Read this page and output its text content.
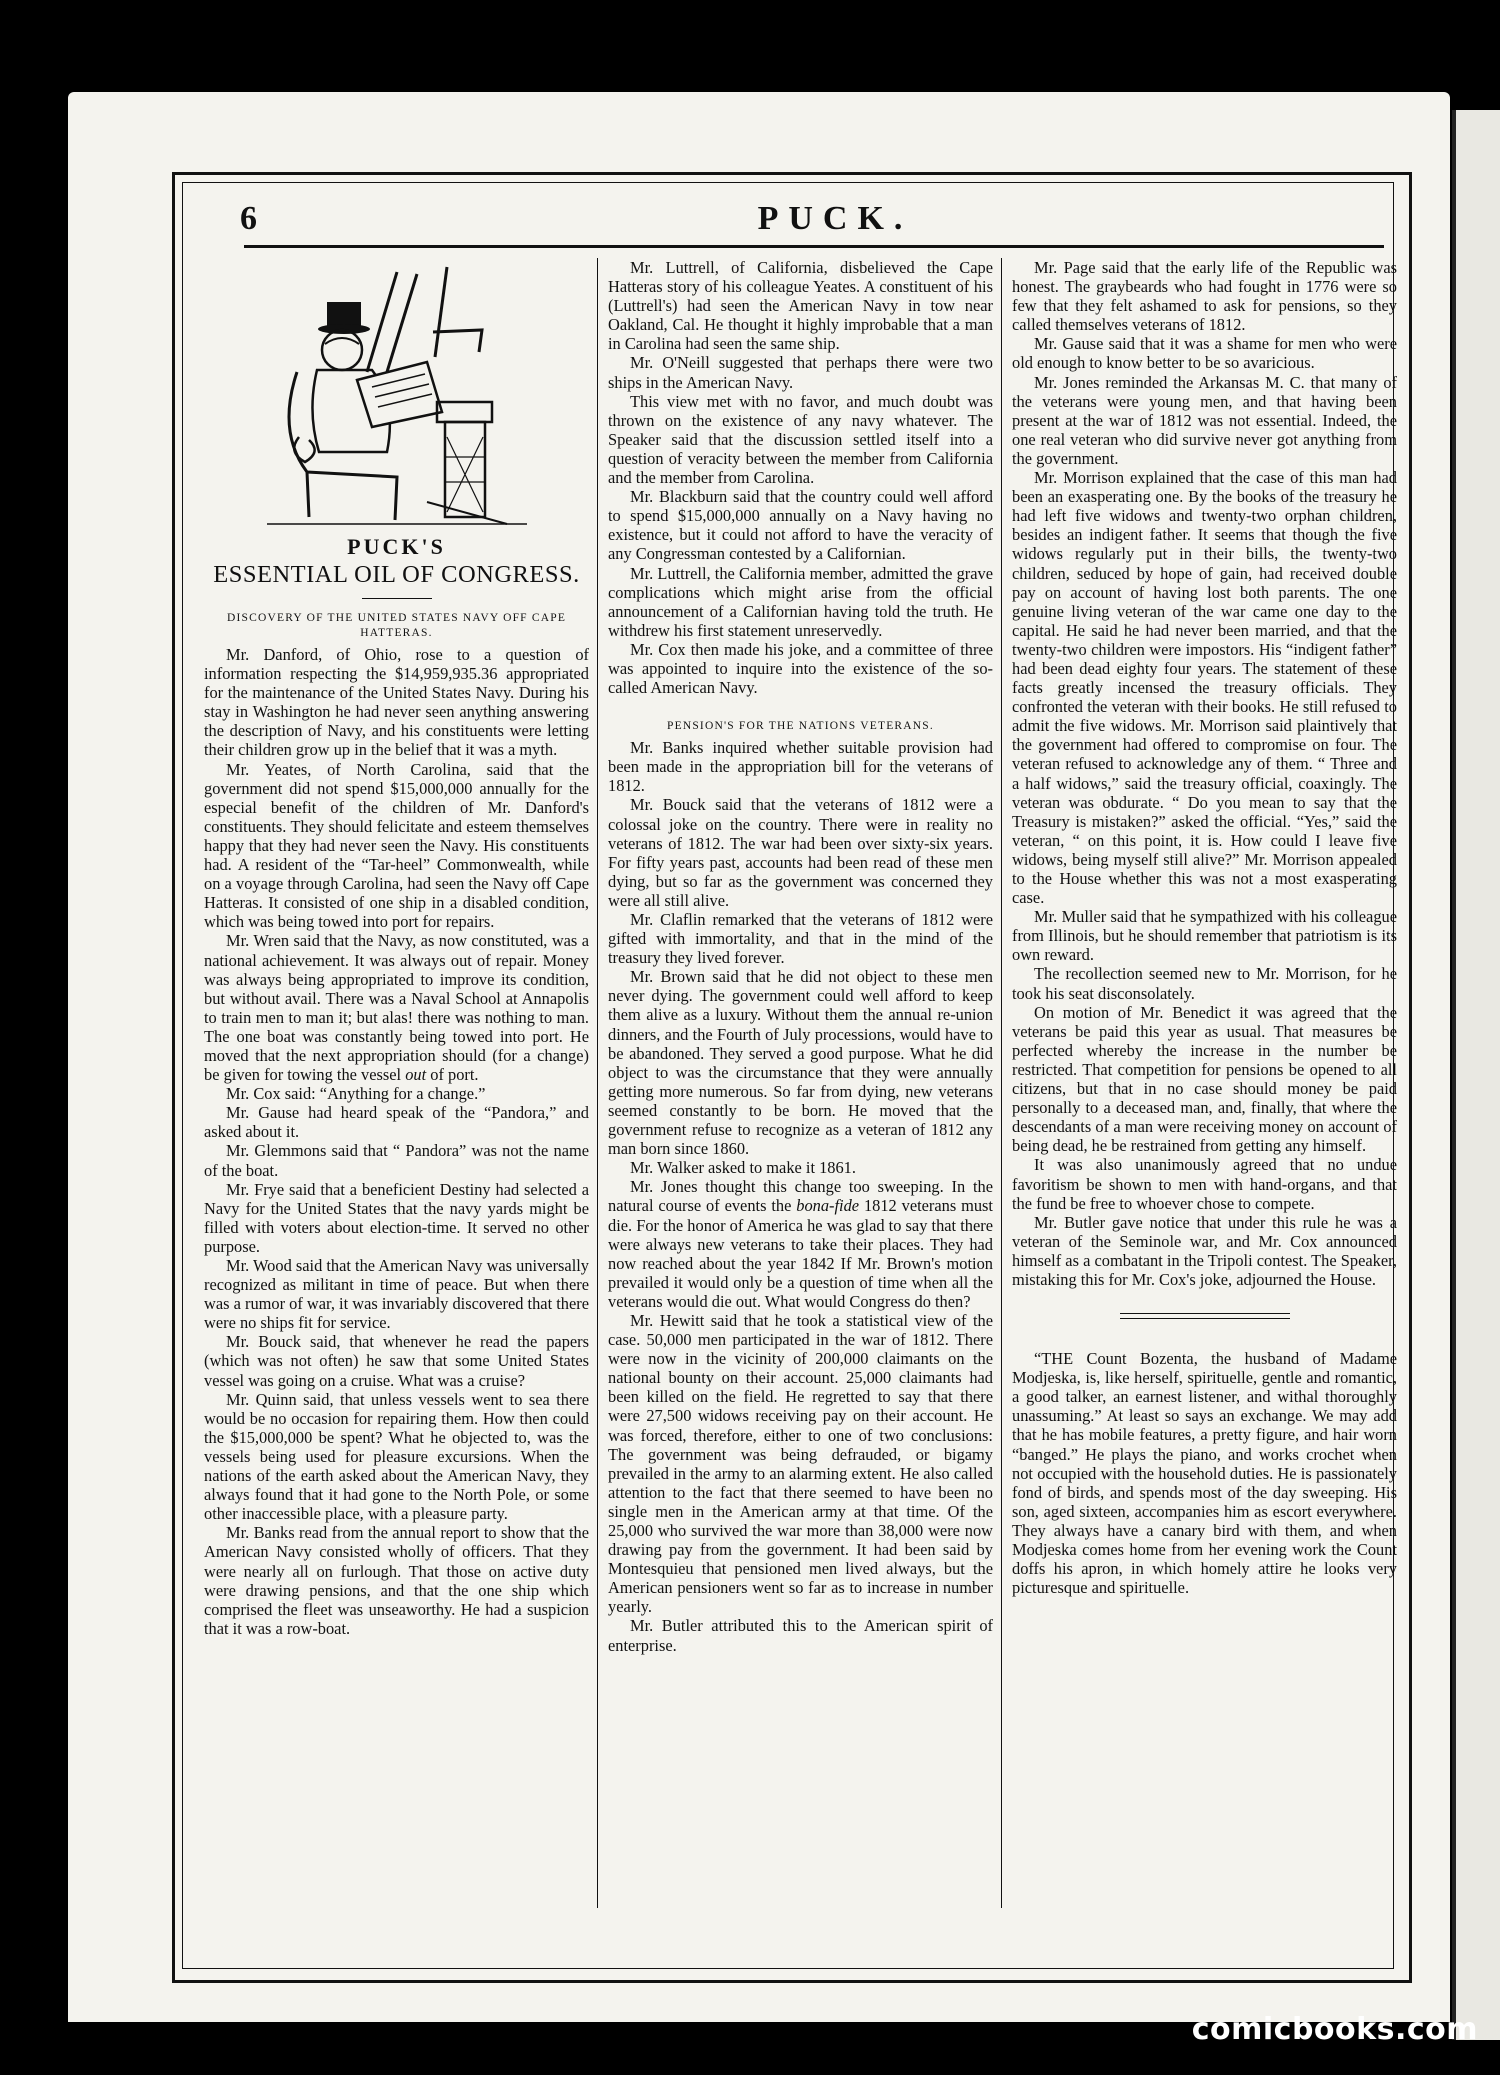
6	PUCK.
PUCK'S
ESSENTIAL OIL OF CONGRESS.
DISCOVERY OF THE UNITED STATES NAVY OFF CAPE HATTERAS.

Mr. Danford, of Ohio, rose to a question of information respecting the $14,959,935.36 appropriated for the maintenance of the United States Navy. During his stay in Washington he had never seen anything answering the description of Navy, and his constituents were letting their children grow up in the belief that it was a myth.

Mr. Yeates, of North Carolina, said that the government did not spend $15,000,000 annually for the especial benefit of the children of Mr. Danford's constituents. They should felicitate and esteem themselves happy that they had never seen the Navy. His constituents had. A resident of the “Tar-heel” Commonwealth, while on a voyage through Carolina, had seen the Navy off Cape Hatteras. It consisted of one ship in a disabled condition, which was being towed into port for repairs.

Mr. Wren said that the Navy, as now constituted, was a national achievement. It was always out of repair. Money was always being appropriated to improve its condition, but without avail. There was a Naval School at Annapolis to train men to man it; but alas! there was nothing to man. The one boat was constantly being towed into port. He moved that the next appropriation should (for a change) be given for towing the vessel out of port.

Mr. Cox said: “Anything for a change.”

Mr. Gause had heard speak of the “Pandora,” and asked about it.

Mr. Glemmons said that “ Pandora” was not the name of the boat.

Mr. Frye said that a beneficient Destiny had selected a Navy for the United States that the navy yards might be filled with voters about election-time. It served no other purpose.

Mr. Wood said that the American Navy was universally recognized as militant in time of peace. But when there was a rumor of war, it was invariably discovered that there were no ships fit for service.

Mr. Bouck said, that whenever he read the papers (which was not often) he saw that some United States vessel was going on a cruise. What was a cruise?

Mr. Quinn said, that unless vessels went to sea there would be no occasion for repairing them. How then could the $15,000,000 be spent? What he objected to, was the vessels being used for pleasure excursions. When the nations of the earth asked about the American Navy, they always found that it had gone to the North Pole, or some other inaccessible place, with a pleasure party.

Mr. Banks read from the annual report to show that the American Navy consisted wholly of officers. That they were nearly all on furlough. That those on active duty were drawing pensions, and that the one ship which comprised the fleet was unseaworthy. He had a suspicion that it was a row-boat.

Mr. Luttrell, of California, disbelieved the Cape Hatteras story of his colleague Yeates. A constituent of his (Luttrell's) had seen the American Navy in tow near Oakland, Cal. He thought it highly improbable that a man in Carolina had seen the same ship.

Mr. O'Neill suggested that perhaps there were two ships in the American Navy.

This view met with no favor, and much doubt was thrown on the existence of any navy whatever. The Speaker said that the discussion settled itself into a question of veracity between the member from California and the member from Carolina.

Mr. Blackburn said that the country could well afford to spend $15,000,000 annually on a Navy having no existence, but it could not afford to have the veracity of any Congressman contested by a Californian.

Mr. Luttrell, the California member, admitted the grave complications which might arise from the official announcement of a Californian having told the truth. He withdrew his first statement unreservedly.

Mr. Cox then made his joke, and a committee of three was appointed to inquire into the existence of the so-called American Navy.

PENSION'S FOR THE NATIONS VETERANS.

Mr. Banks inquired whether suitable provision had been made in the appropriation bill for the veterans of 1812.

Mr. Bouck said that the veterans of 1812 were a colossal joke on the country. There were in reality no veterans of 1812. The war had been over sixty-six years. For fifty years past, accounts had been read of these men dying, but so far as the government was concerned they were all still alive.

Mr. Claflin remarked that the veterans of 1812 were gifted with immortality, and that in the mind of the treasury they lived forever.

Mr. Brown said that he did not object to these men never dying. The government could well afford to keep them alive as a luxury. Without them the annual re-union dinners, and the Fourth of July processions, would have to be abandoned. They served a good purpose. What he did object to was the circumstance that they were annually getting more numerous. So far from dying, new veterans seemed constantly to be born. He moved that the government refuse to recognize as a veteran of 1812 any man born since 1860.

Mr. Walker asked to make it 1861.

Mr. Jones thought this change too sweeping. In the natural course of events the bona-fide 1812 veterans must die. For the honor of America he was glad to say that there were always new veterans to take their places. They had now reached about the year 1842 If Mr. Brown's motion prevailed it would only be a question of time when all the veterans would die out. What would Congress do then?

Mr. Hewitt said that he took a statistical view of the case. 50,000 men participated in the war of 1812. There were now in the vicinity of 200,000 claimants on the national bounty on their account. 25,000 claimants had been killed on the field. He regretted to say that there were 27,500 widows receiving pay on their account. He was forced, therefore, either to one of two conclusions: The government was being defrauded, or bigamy prevailed in the army to an alarming extent. He also called attention to the fact that there seemed to have been no single men in the American army at that time. Of the 25,000 who survived the war more than 38,000 were now drawing pay from the government. It had been said by Montesquieu that pensioned men lived always, but the American pensioners went so far as to increase in number yearly.

Mr. Butler attributed this to the American spirit of enterprise.

Mr. Page said that the early life of the Republic was honest. The graybeards who had fought in 1776 were so few that they felt ashamed to ask for pensions, so they called themselves veterans of 1812.

Mr. Gause said that it was a shame for men who were old enough to know better to be so avaricious.

Mr. Jones reminded the Arkansas M. C. that many of the veterans were young men, and that having been present at the war of 1812 was not essential. Indeed, the one real veteran who did survive never got anything from the government.

Mr. Morrison explained that the case of this man had been an exasperating one. By the books of the treasury he had left five widows and twenty-two orphan children, besides an indigent father. It seems that though the five widows regularly put in their bills, the twenty-two children, seduced by hope of gain, had received double pay on account of having lost both parents. The one genuine living veteran of the war came one day to the capital. He said he had never been married, and that the twenty-two children were impostors. His “indigent father” had been dead eighty four years. The statement of these facts greatly incensed the treasury officials. They confronted the veteran with their books. He still refused to admit the five widows. Mr. Morrison said plaintively that the government had offered to compromise on four. The veteran refused to acknowledge any of them. “ Three and a half widows,” said the treasury official, coaxingly. The veteran was obdurate. “ Do you mean to say that the Treasury is mistaken?” asked the official. “Yes,” said the veteran, “ on this point, it is. How could I leave five widows, being myself still alive?” Mr. Morrison appealed to the House whether this was not a most exasperating case.

Mr. Muller said that he sympathized with his colleague from Illinois, but he should remember that patriotism is its own reward.

The recollection seemed new to Mr. Morrison, for he took his seat disconsolately.

On motion of Mr. Benedict it was agreed that the veterans be paid this year as usual. That measures be perfected whereby the increase in the number be restricted. That competition for pensions be opened to all citizens, but that in no case should money be paid personally to a deceased man, and, finally, that where the descendants of a man were receiving money on account of being dead, he be restrained from getting any himself.

It was also unanimously agreed that no undue favoritism be shown to men with hand-organs, and that the fund be free to whoever chose to compete.

Mr. Butler gave notice that under this rule he was a veteran of the Seminole war, and Mr. Cox announced himself as a combatant in the Tripoli contest. The Speaker, mistaking this for Mr. Cox's joke, adjourned the House.

“THE Count Bozenta, the husband of Madame Modjeska, is, like herself, spirituelle, gentle and romantic, a good talker, an earnest listener, and withal thoroughly unassuming.” At least so says an exchange. We may add that he has mobile features, a pretty figure, and hair worn “banged.” He plays the piano, and works crochet when not occupied with the household duties. He is passionately fond of birds, and spends most of the day sweeping. His son, aged sixteen, accompanies him as escort everywhere. They always have a canary bird with them, and when Modjeska comes home from her evening work the Count doffs his apron, in which homely attire he looks very picturesque and spirituelle.

comicbooks.com
